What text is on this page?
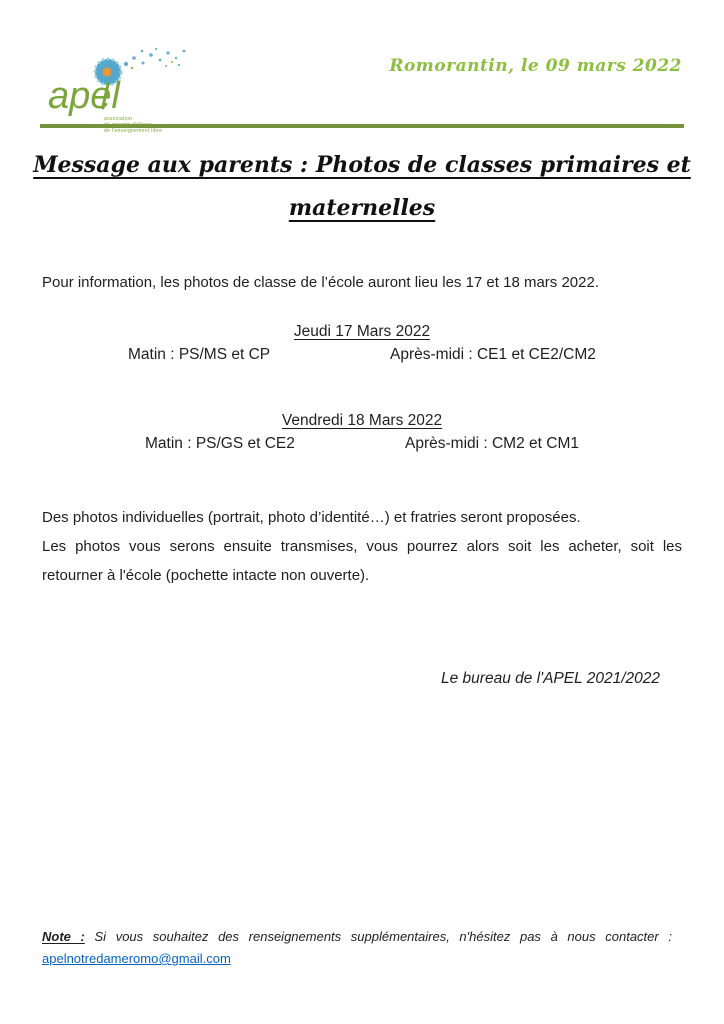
apel
association
de parents d'élèves
de l'enseignement libre
Romorantin, le 09 mars 2022
Message aux parents : Photos de classes primaires et
maternelles

Pour information, les photos de classe de l’école auront lieu les 17 et 18 mars 2022.

Jeudi 17 Mars 2022
Matin : PS/MS et CP	Après-midi : CE1 et CE2/CM2
Vendredi 18 Mars 2022
Matin : PS/GS et CE2	Après-midi : CM2 et CM1

Des photos individuelles (portrait, photo d’identité…) et fratries seront proposées.

Les photos vous serons ensuite transmises, vous pourrez alors soit les acheter, soit les retourner à l'école (pochette intacte non ouverte).

Le bureau de l'APEL 2021/2022

Note : Si vous souhaitez des renseignements supplémentaires, n'hésitez pas à nous contacter : apelnotredameromo@gmail.com
